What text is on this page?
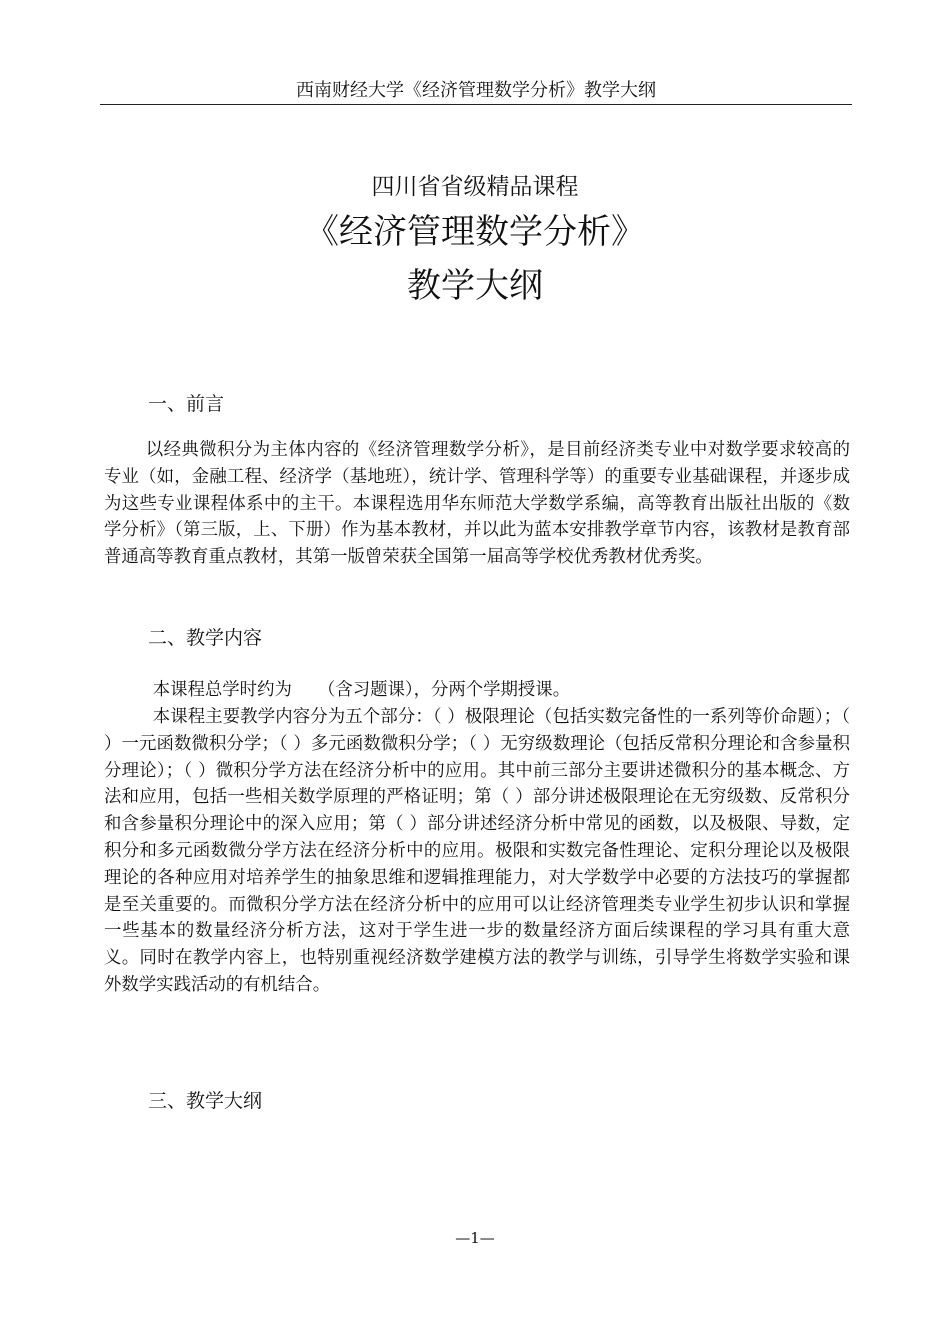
西南财经大学《经济管理数学分析》教学大纲
四川省省级精品课程
《经济管理数学分析》
教学大纲
一、前言
以经典微积分为主体内容的《经济管理数学分析》，是目前经济类专业中对数学要求较高的专业（如，金融工程、经济学（基地班），统计学、管理科学等）的重要专业基础课程，并逐步成为这些专业课程体系中的主干。本课程选用华东师范大学数学系编，高等教育出版社出版的《数学分析》（第三版，上、下册）作为基本教材，并以此为蓝本安排教学章节内容，该教材是教育部普通高等教育重点教材，其第一版曾荣获全国第一届高等学校优秀教材优秀奖。
二、教学内容
本课程总学时约为　　（含习题课），分两个学期授课。
本课程主要教学内容分为五个部分：（ ）极限理论（包括实数完备性的一系列等价命题）；（ ）一元函数微积分学；（ ）多元函数微积分学；（ ）无穷级数理论（包括反常积分理论和含参量积分理论）；（ ）微积分学方法在经济分析中的应用。其中前三部分主要讲述微积分的基本概念、方法和应用，包括一些相关数学原理的严格证明；第（ ）部分讲述极限理论在无穷级数、反常积分和含参量积分理论中的深入应用；第（ ）部分讲述经济分析中常见的函数，以及极限、导数，定积分和多元函数微分学方法在经济分析中的应用。极限和实数完备性理论、定积分理论以及极限理论的各种应用对培养学生的抽象思维和逻辑推理能力，对大学数学中必要的方法技巧的掌握都是至关重要的。而微积分学方法在经济分析中的应用可以让经济管理类专业学生初步认识和掌握一些基本的数量经济分析方法，这对于学生进一步的数量经济方面后续课程的学习具有重大意义。同时在教学内容上，也特别重视经济数学建模方法的教学与训练，引导学生将数学实验和课外数学实践活动的有机结合。
三、教学大纲
—1—
